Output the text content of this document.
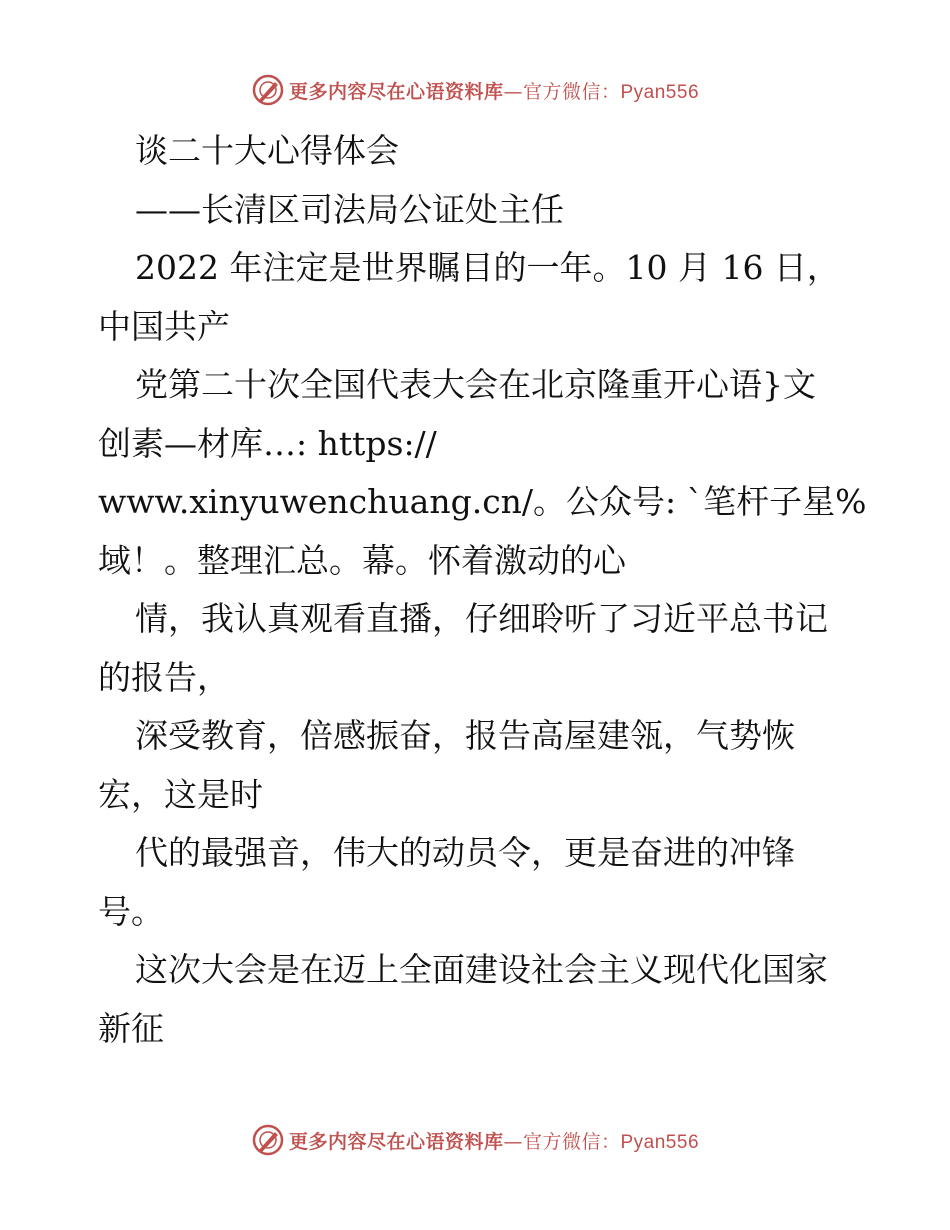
更多内容尽在心语资料库—官方微信：Pyan556
谈二十大心得体会
——长清区司法局公证处主任
2022 年注定是世界瞩目的一年。10 月 16 日，
中国共产
党第二十次全国代表大会在北京隆重开心语}文
创素—材库…: https://
www.xinyuwenchuang.cn/。公众号: `笔杆子星%
域！。整理汇总。幕。怀着激动的心
情，我认真观看直播，仔细聆听了习近平总书记
的报告，
深受教育，倍感振奋，报告高屋建瓴，气势恢
宏，这是时
代的最强音，伟大的动员令，更是奋进的冲锋
号。
这次大会是在迈上全面建设社会主义现代化国家
新征
更多内容尽在心语资料库—官方微信：Pyan556
